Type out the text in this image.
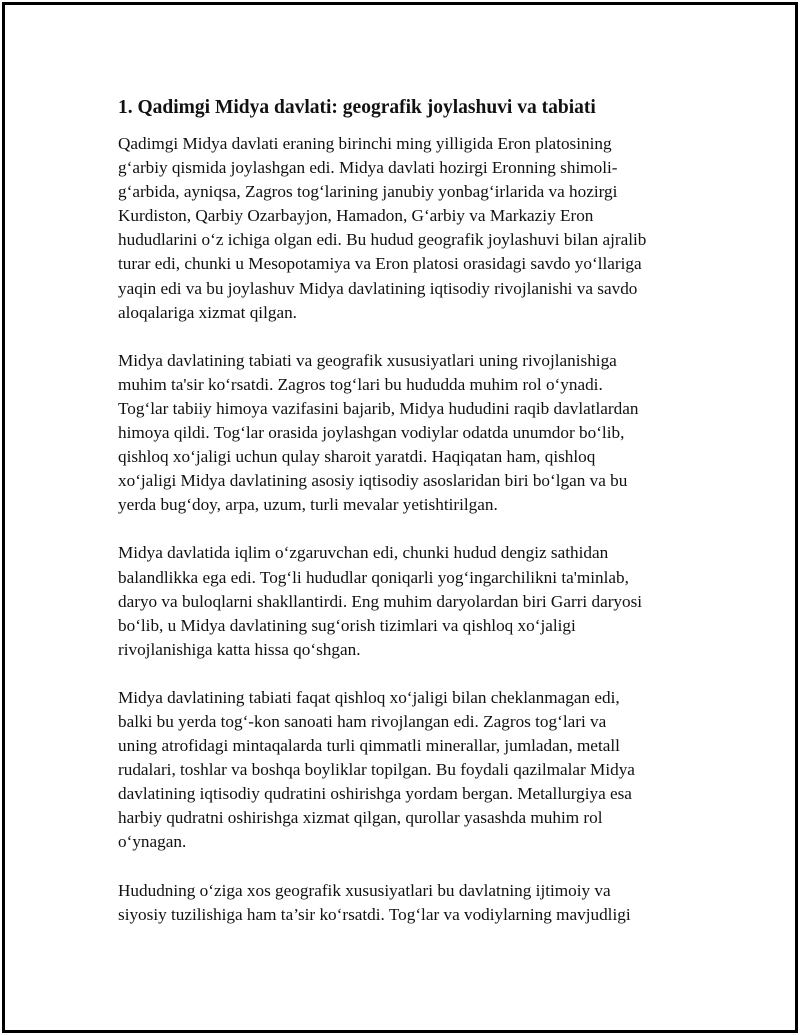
1. Qadimgi Midya davlati: geografik joylashuvi va tabiati
Qadimgi Midya davlati eraning birinchi ming yilligida Eron platosining
g‘arbiy qismida joylashgan edi. Midya davlati hozirgi Eronning shimoli-
g‘arbida, ayniqsa, Zagros tog‘larining janubiy yonbag‘irlarida va hozirgi
Kurdiston, Qarbiy Ozarbayjon, Hamadon, G‘arbiy va Markaziy Eron
hududlarini o‘z ichiga olgan edi. Bu hudud geografik joylashuvi bilan ajralib
turar edi, chunki u Mesopotamiya va Eron platosi orasidagi savdo yo‘llariga
yaqin edi va bu joylashuv Midya davlatining iqtisodiy rivojlanishi va savdo
aloqalariga xizmat qilgan.
Midya davlatining tabiati va geografik xususiyatlari uning rivojlanishiga
muhim ta'sir ko‘rsatdi. Zagros tog‘lari bu hududda muhim rol o‘ynadi.
Tog‘lar tabiiy himoya vazifasini bajarib, Midya hududini raqib davlatlardan
himoya qildi. Tog‘lar orasida joylashgan vodiylar odatda unumdor bo‘lib,
qishloq xo‘jaligi uchun qulay sharoit yaratdi. Haqiqatan ham, qishloq
xo‘jaligi Midya davlatining asosiy iqtisodiy asoslaridan biri bo‘lgan va bu
yerda bug‘doy, arpa, uzum, turli mevalar yetishtirilgan.
Midya davlatida iqlim o‘zgaruvchan edi, chunki hudud dengiz sathidan
balandlikka ega edi. Tog‘li hududlar qoniqarli yog‘ingarchilikni ta'minlab,
daryo va buloqlarni shakllantirdi. Eng muhim daryolardan biri Garri daryosi
bo‘lib, u Midya davlatining sug‘orish tizimlari va qishloq xo‘jaligi
rivojlanishiga katta hissa qo‘shgan.
Midya davlatining tabiati faqat qishloq xo‘jaligi bilan cheklanmagan edi,
balki bu yerda tog‘-kon sanoati ham rivojlangan edi. Zagros tog‘lari va
uning atrofidagi mintaqalarda turli qimmatli minerallar, jumladan, metall
rudalari, toshlar va boshqa boyliklar topilgan. Bu foydali qazilmalar Midya
davlatining iqtisodiy qudratini oshirishga yordam bergan. Metallurgiya esa
harbiy qudratni oshirishga xizmat qilgan, qurollar yasashda muhim rol
o‘ynagan.
Hududning o‘ziga xos geografik xususiyatlari bu davlatning ijtimoiy va
siyosiy tuzilishiga ham ta’sir ko‘rsatdi. Tog‘lar va vodiylarning mavjudligi
